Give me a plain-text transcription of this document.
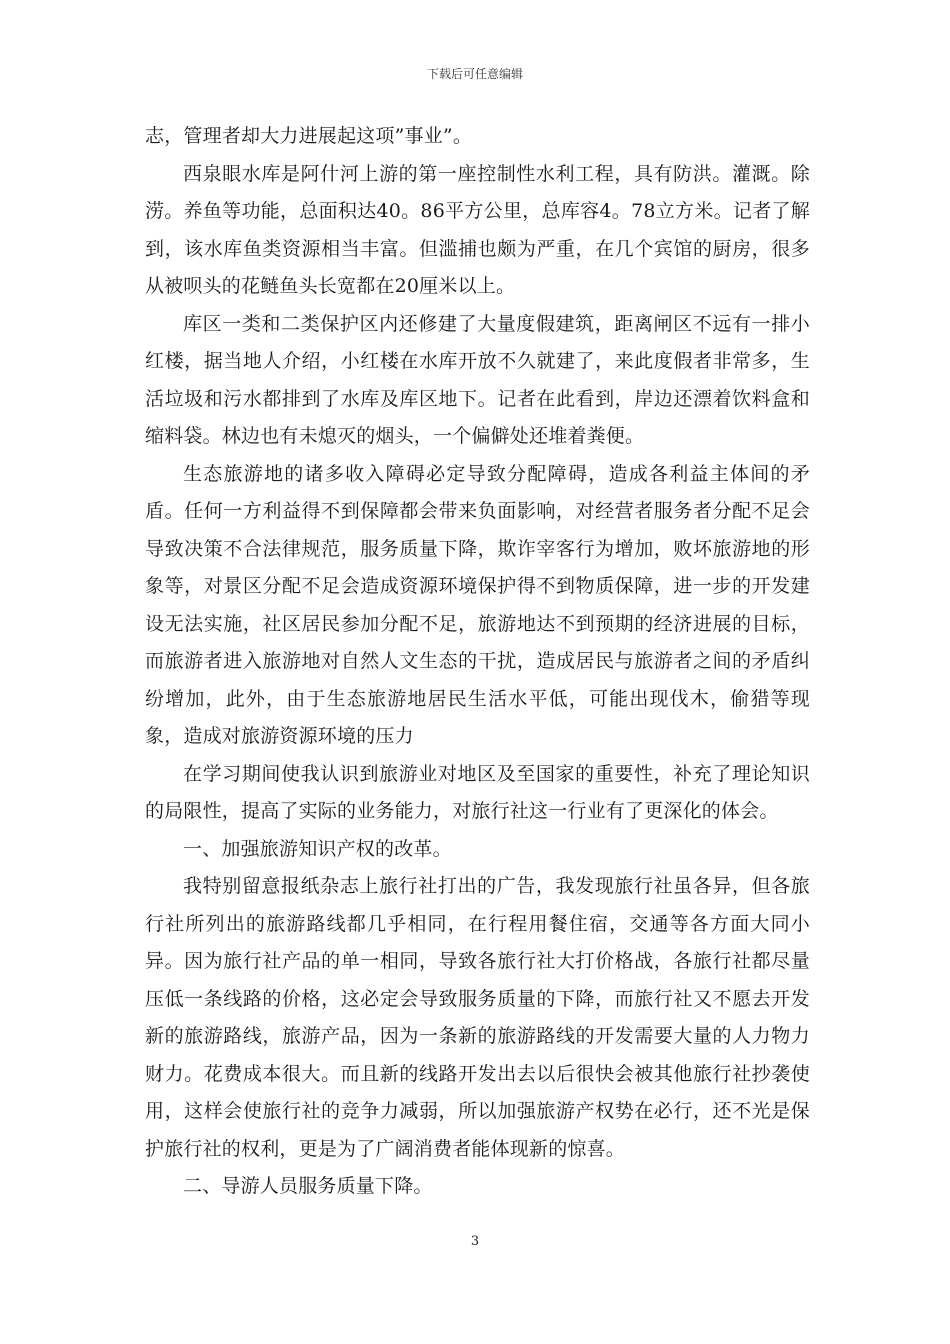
下载后可任意编辑

志，管理者却大力进展起这项”事业”。

西泉眼水库是阿什河上游的第一座控制性水利工程，具有防洪。灌溉。除涝。养鱼等功能，总面积达40。86平方公里，总库容4。78立方米。记者了解到，该水库鱼类资源相当丰富。但滥捕也颇为严重，在几个宾馆的厨房，很多从被呗头的花鲢鱼头长宽都在20厘米以上。

库区一类和二类保护区内还修建了大量度假建筑，距离闸区不远有一排小红楼，据当地人介绍，小红楼在水库开放不久就建了，来此度假者非常多，生活垃圾和污水都排到了水库及库区地下。记者在此看到，岸边还漂着饮料盒和缩料袋。林边也有未熄灭的烟头，一个偏僻处还堆着粪便。

生态旅游地的诸多收入障碍必定导致分配障碍，造成各利益主体间的矛盾。任何一方利益得不到保障都会带来负面影响，对经营者服务者分配不足会导致决策不合法律规范，服务质量下降，欺诈宰客行为增加，败坏旅游地的形象等，对景区分配不足会造成资源环境保护得不到物质保障，进一步的开发建设无法实施，社区居民参加分配不足，旅游地达不到预期的经济进展的目标，而旅游者进入旅游地对自然人文生态的干扰，造成居民与旅游者之间的矛盾纠纷增加，此外，由于生态旅游地居民生活水平低，可能出现伐木，偷猎等现象，造成对旅游资源环境的压力

在学习期间使我认识到旅游业对地区及至国家的重要性，补充了理论知识的局限性，提高了实际的业务能力，对旅行社这一行业有了更深化的体会。

一、加强旅游知识产权的改革。

我特别留意报纸杂志上旅行社打出的广告，我发现旅行社虽各异，但各旅行社所列出的旅游路线都几乎相同，在行程用餐住宿，交通等各方面大同小异。因为旅行社产品的单一相同，导致各旅行社大打价格战，各旅行社都尽量压低一条线路的价格，这必定会导致服务质量的下降，而旅行社又不愿去开发新的旅游路线，旅游产品，因为一条新的旅游路线的开发需要大量的人力物力财力。花费成本很大。而且新的线路开发出去以后很快会被其他旅行社抄袭使用，这样会使旅行社的竞争力减弱，所以加强旅游产权势在必行，还不光是保护旅行社的权利，更是为了广阔消费者能体现新的惊喜。

二、导游人员服务质量下降。

3
